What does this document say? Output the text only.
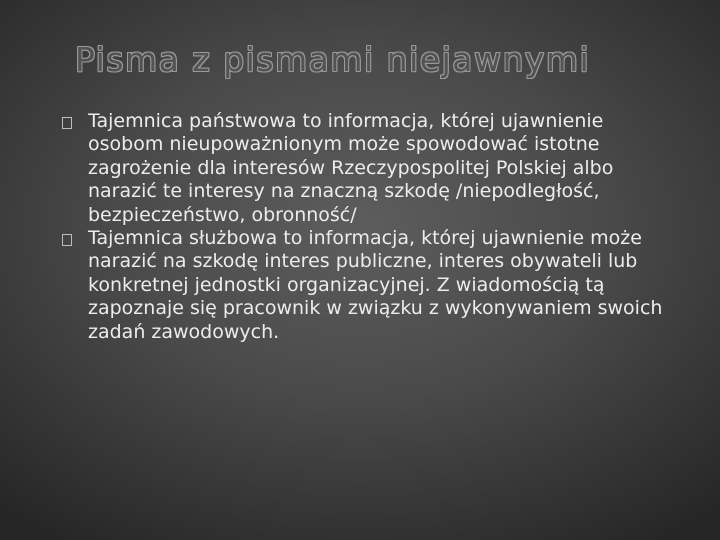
Pisma z pismami niejawnymi
Tajemnica państwowa to informacja, której ujawnienie osobom nieupoważnionym może spowodować istotne zagrożenie dla interesów Rzeczypospolitej Polskiej albo narazić te interesy na znaczną szkodę /niepodległość, bezpieczeństwo, obronność/
Tajemnica służbowa to informacja, której ujawnienie może narazić na szkodę interes publiczne, interes obywateli lub konkretnej jednostki organizacyjnej. Z wiadomością tą zapoznaje się pracownik w związku z wykonywaniem swoich zadań zawodowych.
